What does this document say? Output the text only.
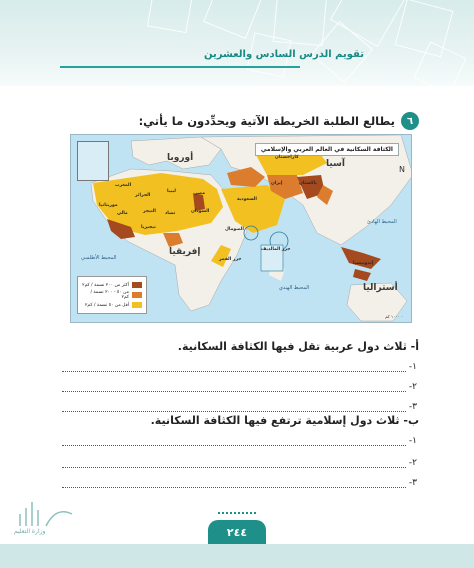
تقويم الدرس السادس والعشرين
٦
يطالع الطلبة الخريطة الآتية ويحدِّدون ما يأتي:
الكثافة السكانية في العالم العربي والإسلامي
أوروبا
آسيا
إفريقيا
أستراليا
المحيط الأطلسي
المحيط الهندي
المحيط الهادئ
المغرب
الجزائر
ليبيا	مصر
السودان
موريتانيا
مالي	النيجر تشاد
نيجيريا	الصومال
جزر القمر
كازاخستان
إيران
السعودية
باكستان
إندونيسيا
جزر المالديف
N
٠ ١٠٠٠ كم
أكثر من ٢٠٠ نسمة / كم٢
من ٥٠ - ٢٠٠ نسمة / كم٢
أقل من ٥٠ نسمة / كم٢
أ- ثلاث دول عربية تقل فيها الكثافة السكانية.
١-
٢-
٣-
ب- ثلاث دول إسلامية ترتفع فيها الكثافة السكانية.
١-
٢-
٣-
وزارة التعليم	٢٤٤
